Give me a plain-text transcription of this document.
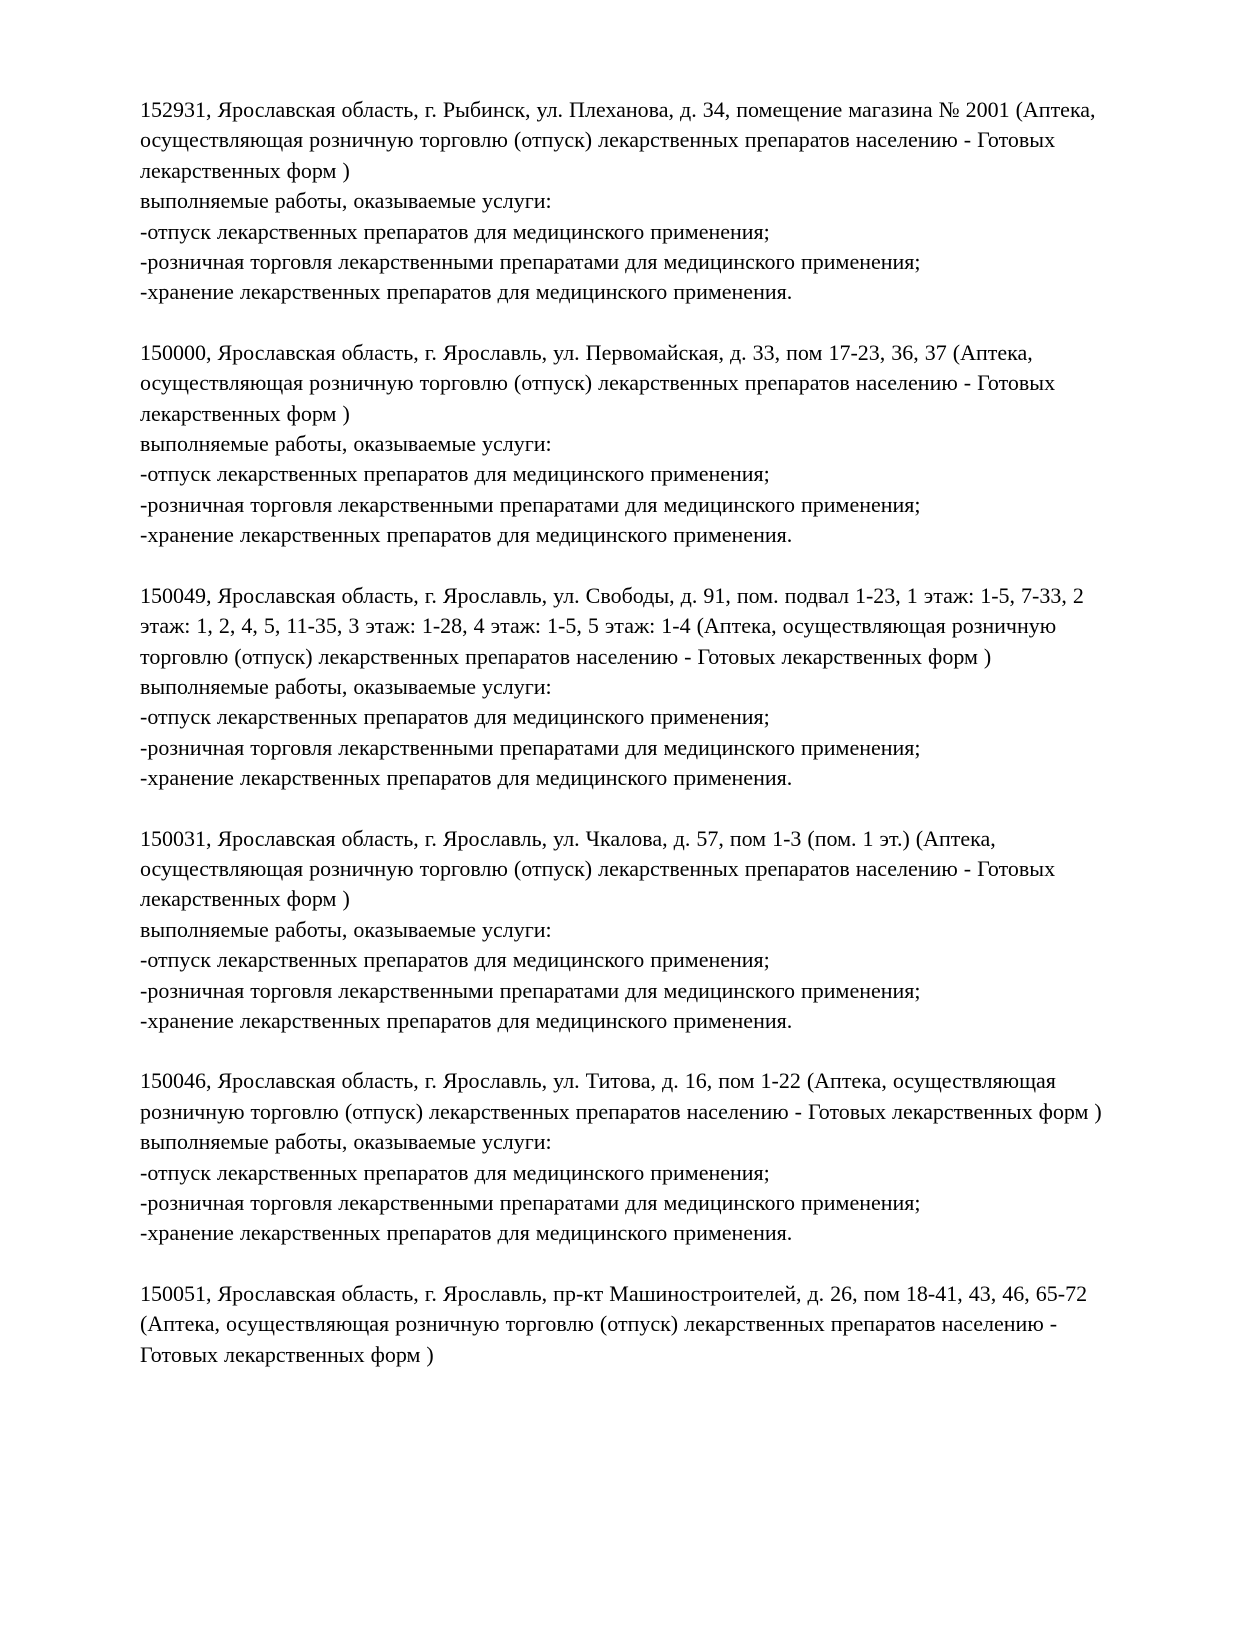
152931, Ярославская область, г. Рыбинск, ул. Плеханова, д. 34, помещение магазина № 2001 (Аптека, осуществляющая розничную торговлю (отпуск) лекарственных препаратов населению - Готовых лекарственных форм )

выполняемые работы, оказываемые услуги:

-отпуск лекарственных препаратов для медицинского применения;

-розничная торговля лекарственными препаратами для медицинского применения;

-хранение лекарственных препаратов для медицинского применения.

150000, Ярославская область, г. Ярославль, ул. Первомайская, д. 33, пом 17-23, 36, 37 (Аптека, осуществляющая розничную торговлю (отпуск) лекарственных препаратов населению - Готовых лекарственных форм )

выполняемые работы, оказываемые услуги:

-отпуск лекарственных препаратов для медицинского применения;

-розничная торговля лекарственными препаратами для медицинского применения;

-хранение лекарственных препаратов для медицинского применения.

150049, Ярославская область, г. Ярославль, ул. Свободы, д. 91, пом. подвал 1-23, 1 этаж: 1-5, 7-33, 2 этаж: 1, 2, 4, 5, 11-35, 3 этаж: 1-28, 4 этаж: 1-5, 5 этаж: 1-4 (Аптека, осуществляющая розничную торговлю (отпуск) лекарственных препаратов населению - Готовых лекарственных форм )

выполняемые работы, оказываемые услуги:

-отпуск лекарственных препаратов для медицинского применения;

-розничная торговля лекарственными препаратами для медицинского применения;

-хранение лекарственных препаратов для медицинского применения.

150031, Ярославская область, г. Ярославль, ул. Чкалова, д. 57, пом 1-3 (пом. 1 эт.) (Аптека, осуществляющая розничную торговлю (отпуск) лекарственных препаратов населению - Готовых лекарственных форм )

выполняемые работы, оказываемые услуги:

-отпуск лекарственных препаратов для медицинского применения;

-розничная торговля лекарственными препаратами для медицинского применения;

-хранение лекарственных препаратов для медицинского применения.

150046, Ярославская область, г. Ярославль, ул. Титова, д. 16, пом 1-22 (Аптека, осуществляющая розничную торговлю (отпуск) лекарственных препаратов населению - Готовых лекарственных форм )

выполняемые работы, оказываемые услуги:

-отпуск лекарственных препаратов для медицинского применения;

-розничная торговля лекарственными препаратами для медицинского применения;

-хранение лекарственных препаратов для медицинского применения.

150051, Ярославская область, г. Ярославль, пр-кт Машиностроителей, д. 26, пом 18-41, 43, 46, 65-72 (Аптека, осуществляющая розничную торговлю (отпуск) лекарственных препаратов населению - Готовых лекарственных форм )
